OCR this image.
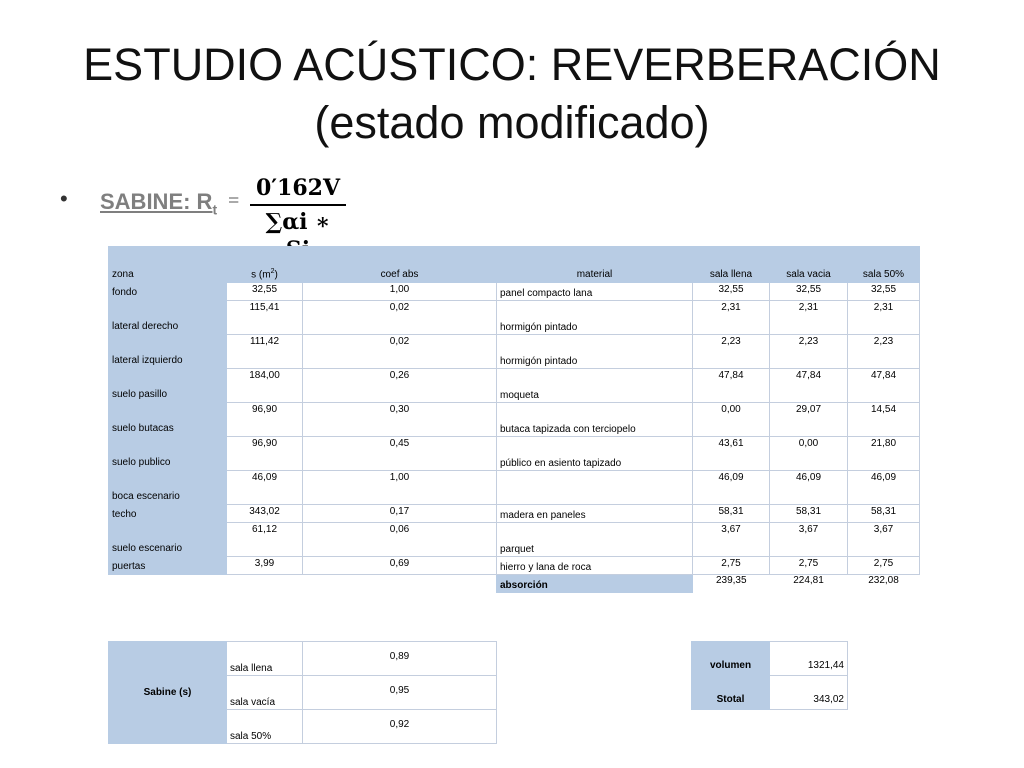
ESTUDIO ACÚSTICO: REVERBERACIÓN
(estado modificado)
• SABINE: $R_t = 0'162V$
∑αi ∗
zona	s $(m^2)$	coef abs	material	sala llena	sala vacia	sala 50%
fondo	32,55	1,00	panel compacto lana	32,55	32,55	32,55
lateral derecho	115,41	0,02	hormigón pintado	2,31	2,31	2,31
lateral izquierdo	111,42	0,02	hormigón pintado	2,23	2,23	2,23
suelo pasillo	184,00	0,26	moqueta	47,84	47,84	47,84
suelo butacas	96,90	0,30	butaca tapizada con terciopelo	0,00	29,07	14,54
suelo publico	96,90	0,45	público en asiento tapizado	43,61	0,00	21,80
boca escenario	46,09	1,00		46,09	46,09	46,09
techo	343,02	0,17	madera en paneles	58,31	58,31	58,31
suelo escenario	61,12	0,06	parquet	3,67	3,67	3,67
puertas	3,99	0,69	hierro y lana de roca	2,75	2,75	2,75
			absorción	239,35	224,81	232,08
Sabine (s)	sala llena	0,89
	sala vacía	0,95
	sala 50%	0,92
volumen	1321,44
Stotal	343,02
